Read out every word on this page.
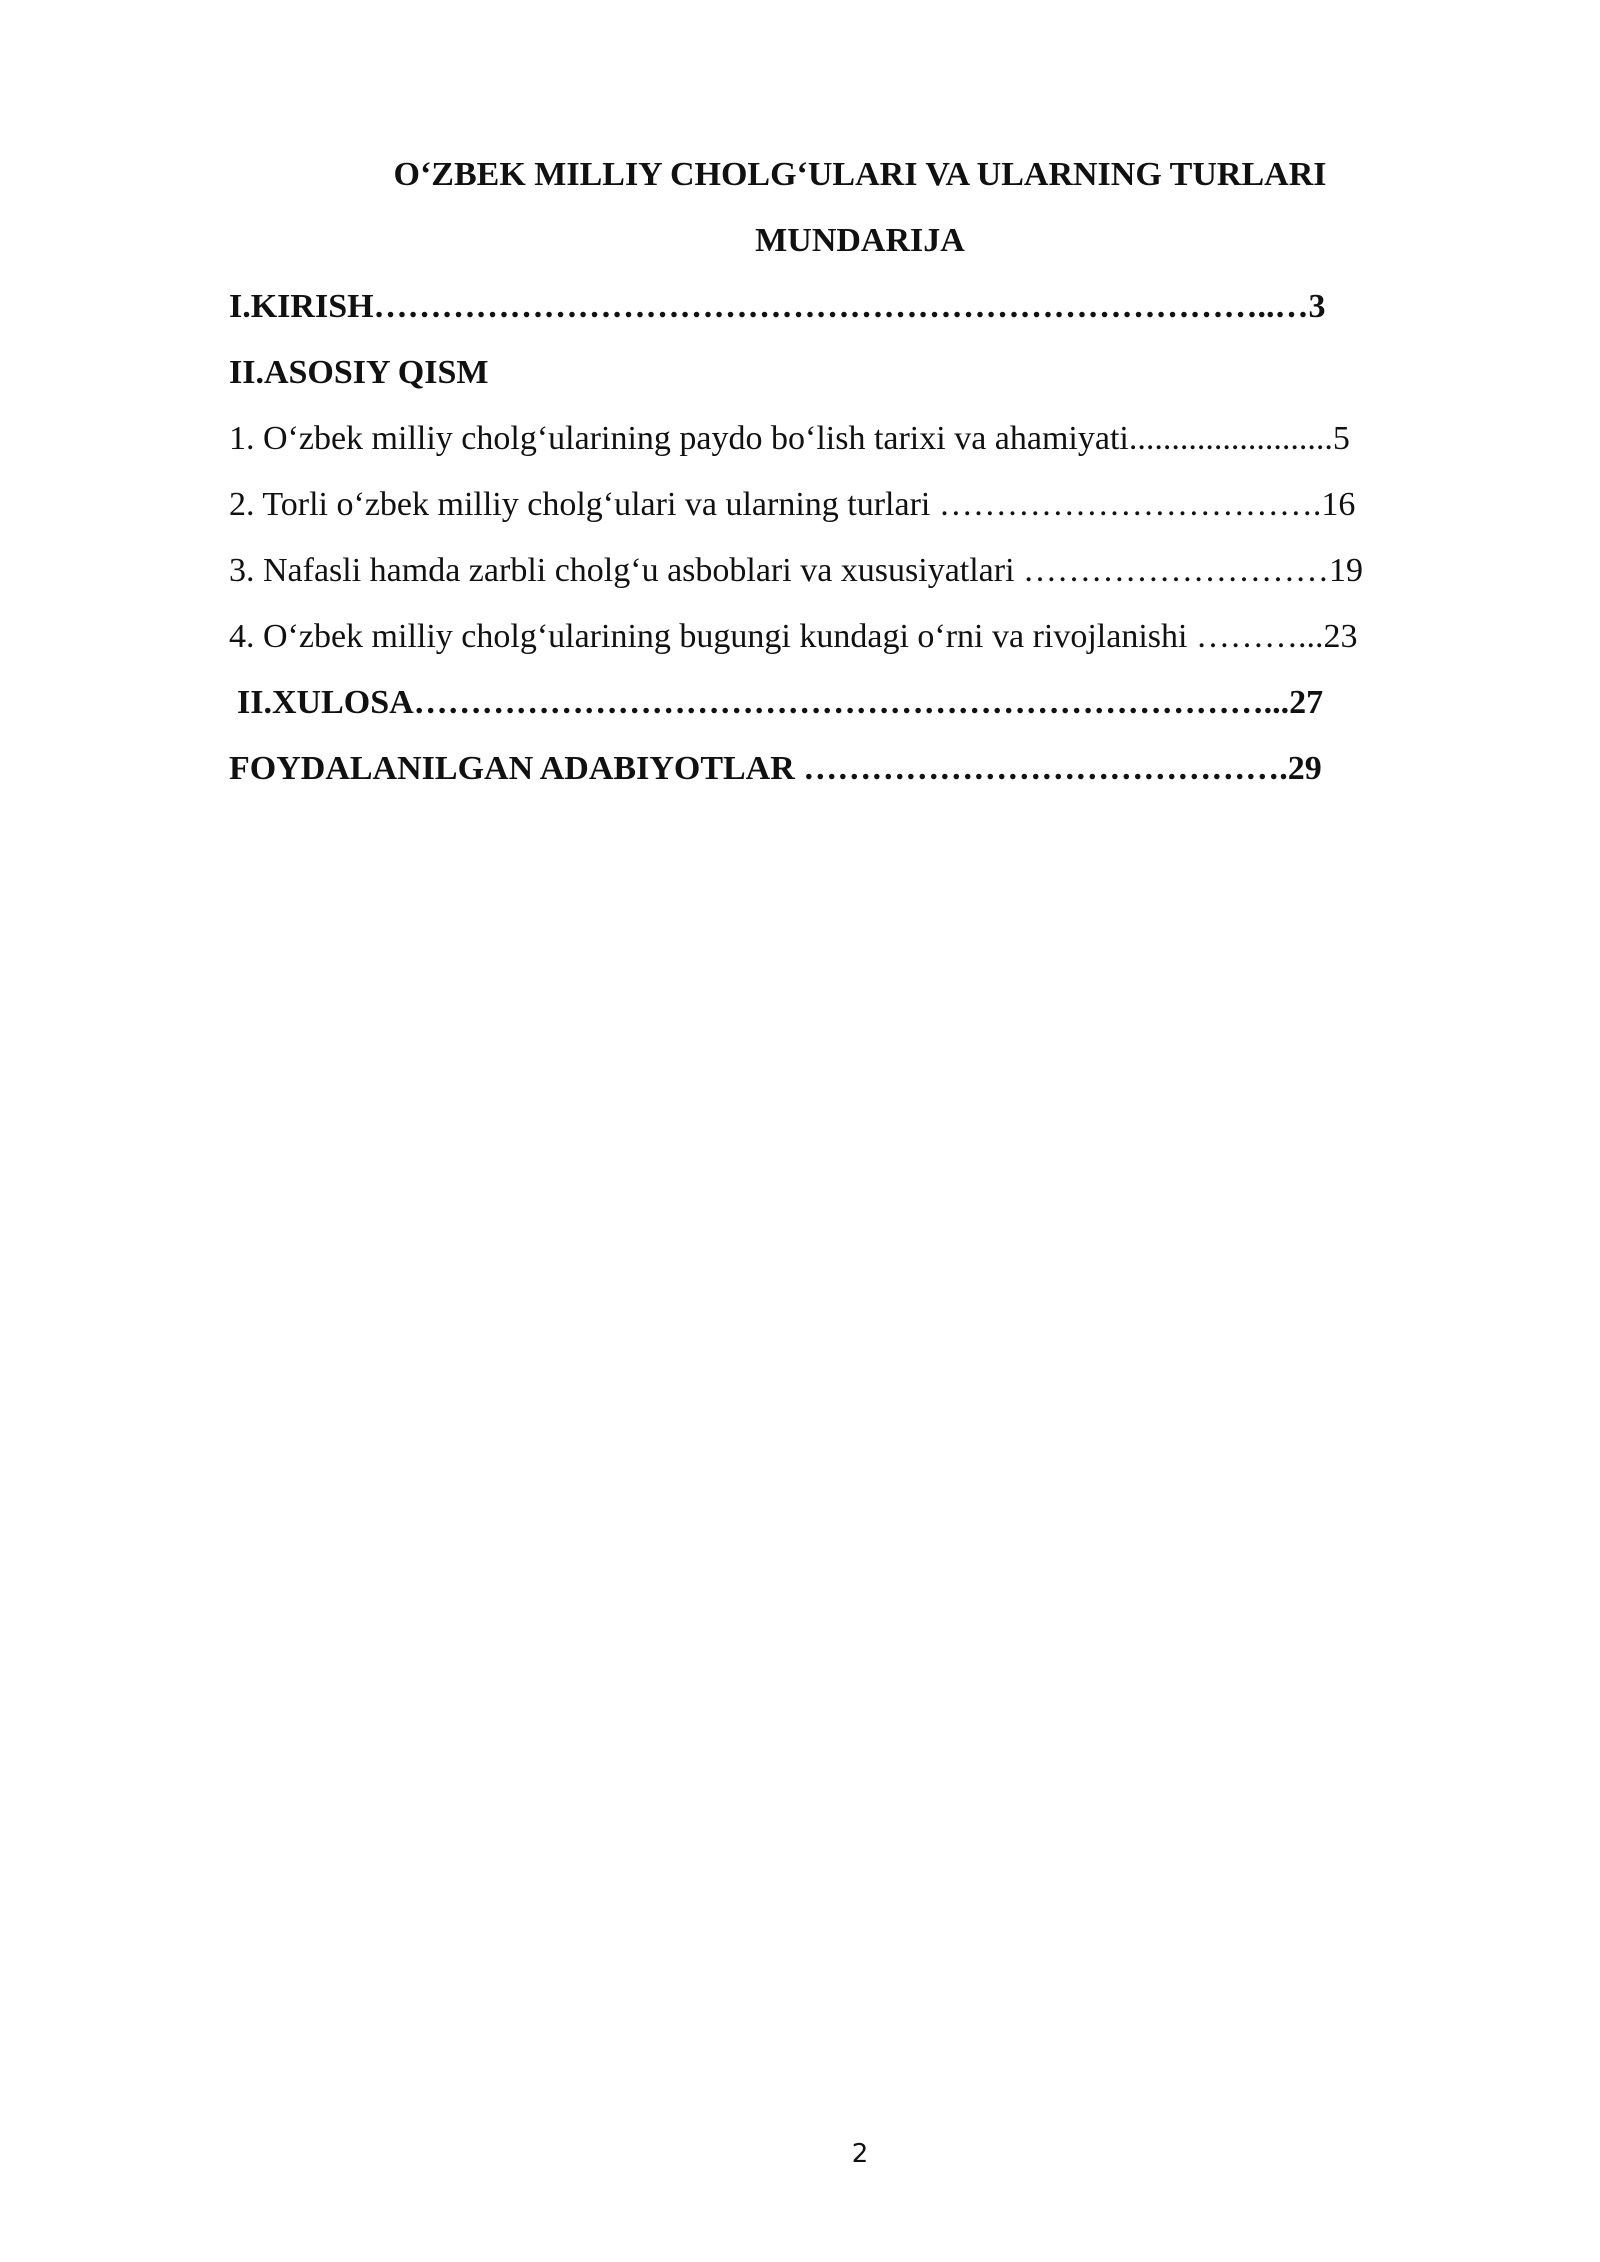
O‘ZBEK MILLIY CHOLG‘ULARI VA ULARNING TURLARI
MUNDARIJA
I.KIRISH……………………………………………………………………..…3
II.ASOSIY QISM
1. O‘zbek milliy cholg‘ularining paydo bo‘lish tarixi va ahamiyati........................5
2. Torli o‘zbek milliy cholg‘ulari va ularning turlari …………………………….16
3. Nafasli hamda zarbli cholg‘u asboblari va xususiyatlari ………………………19
4. O‘zbek milliy cholg‘ularining bugungi kundagi o‘rni va rivojlanishi ………...23
II.XULOSA…………………………………………………………………...27
FOYDALANILGAN ADABIYOTLAR …………………………………….29
2
